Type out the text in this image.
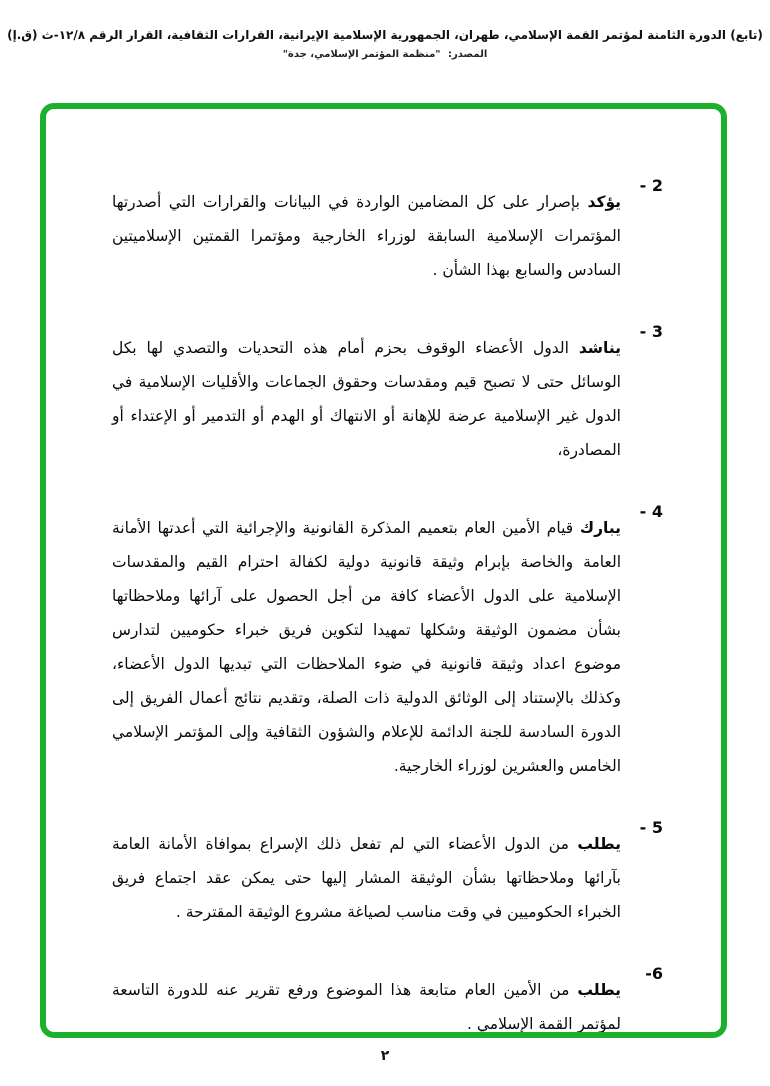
(تابع) الدورة الثامنة لمؤتمر القمة الإسلامي، طهران، الجمهورية الإسلامية الإيرانية، القرارات الثقافية، القرار الرقم ١٢/٨-ث (ق.إ)
المصدر: "منظمة المؤتمر الإسلامي، جدة"
2 -

يؤكد بإصرار على كل المضامين الواردة في البيانات والقرارات التي أصدرتها المؤتمرات الإسلامية السابقة لوزراء الخارجية ومؤتمرا القمتين الإسلاميتين السادس والسابع بهذا الشأن .

3 -

يناشد الدول الأعضاء الوقوف بحزم أمام هذه التحديات والتصدي لها بكل الوسائل حتى لا تصبح قيم ومقدسات وحقوق الجماعات والأقليات الإسلامية في الدول غير الإسلامية عرضة للإهانة أو الانتهاك أو الهدم أو التدمير أو الإعتداء أو المصادرة،

4 -

يبارك قيام الأمين العام بتعميم المذكرة القانونية والإجرائية التي أعدتها الأمانة العامة والخاصة بإبرام وثيقة قانونية دولية لكفالة احترام القيم والمقدسات الإسلامية على الدول الأعضاء كافة من أجل الحصول على آرائها وملاحظاتها بشأن مضمون الوثيقة وشكلها تمهيدا لتكوين فريق خبراء حكوميين لتدارس موضوع اعداد وثيقة قانونية في ضوء الملاحظات التي تبديها الدول الأعضاء، وكذلك بالإستناد إلى الوثائق الدولية ذات الصلة، وتقديم نتائج أعمال الفريق إلى الدورة السادسة للجنة الدائمة للإعلام والشؤون الثقافية وإلى المؤتمر الإسلامي الخامس والعشرين لوزراء الخارجية.

5 -

يطلب من الدول الأعضاء التي لم تفعل ذلك الإسراع بموافاة الأمانة العامة بآرائها وملاحظاتها بشأن الوثيقة المشار إليها حتى يمكن عقد اجتماع فريق الخبراء الحكوميين في وقت مناسب لصياغة مشروع الوثيقة المقترحة .

6-

يطلب من الأمين العام متابعة هذا الموضوع ورفع تقرير عنه للدورة التاسعة لمؤتمر القمة الإسلامي .

٢
